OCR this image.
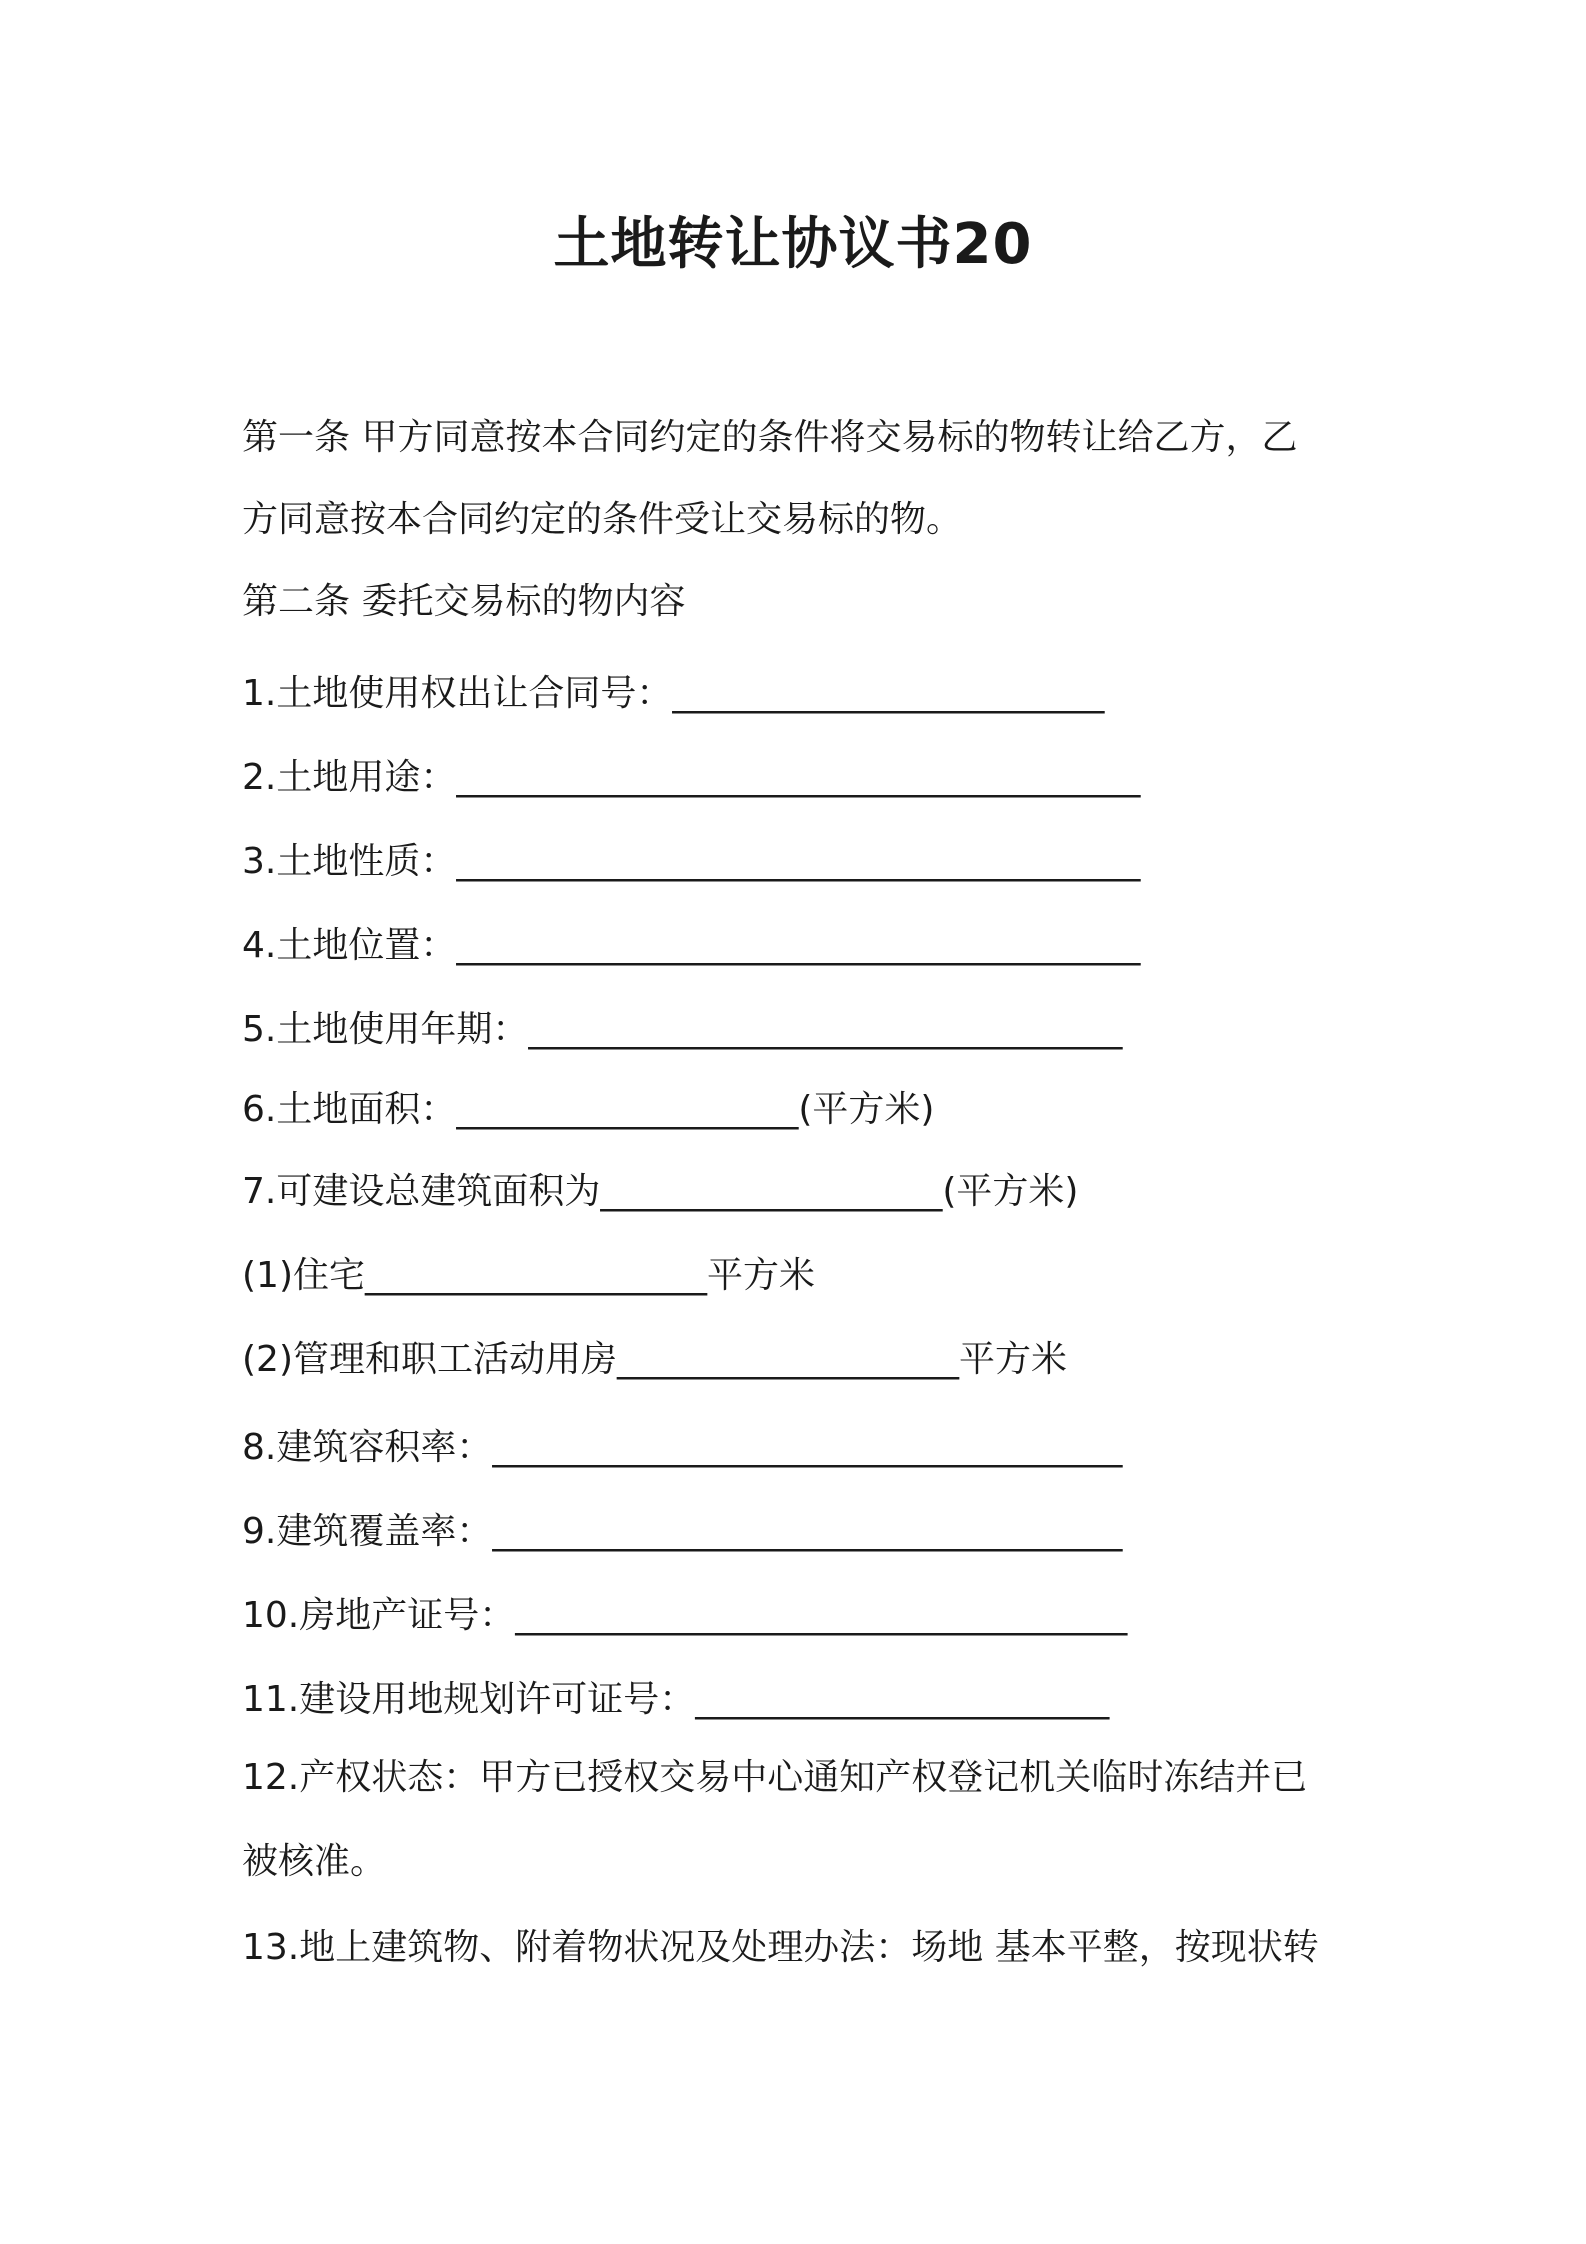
土地转让协议书20
第一条 甲方同意按本合同约定的条件将交易标的物转让给乙方，乙
方同意按本合同约定的条件受让交易标的物。
第二条 委托交易标的物内容
1.土地使用权出让合同号：________________________
2.土地用途：______________________________________
3.土地性质：______________________________________
4.土地位置：______________________________________
5.土地使用年期：_________________________________
6.土地面积：___________________(平方米)
7.可建设总建筑面积为___________________(平方米)
(1)住宅___________________平方米
(2)管理和职工活动用房___________________平方米
8.建筑容积率：___________________________________
9.建筑覆盖率：___________________________________
10.房地产证号：__________________________________
11.建设用地规划许可证号：_______________________
12.产权状态：甲方已授权交易中心通知产权登记机关临时冻结并已
被核准。
13.地上建筑物、附着物状况及处理办法：场地 基本平整，按现状转
